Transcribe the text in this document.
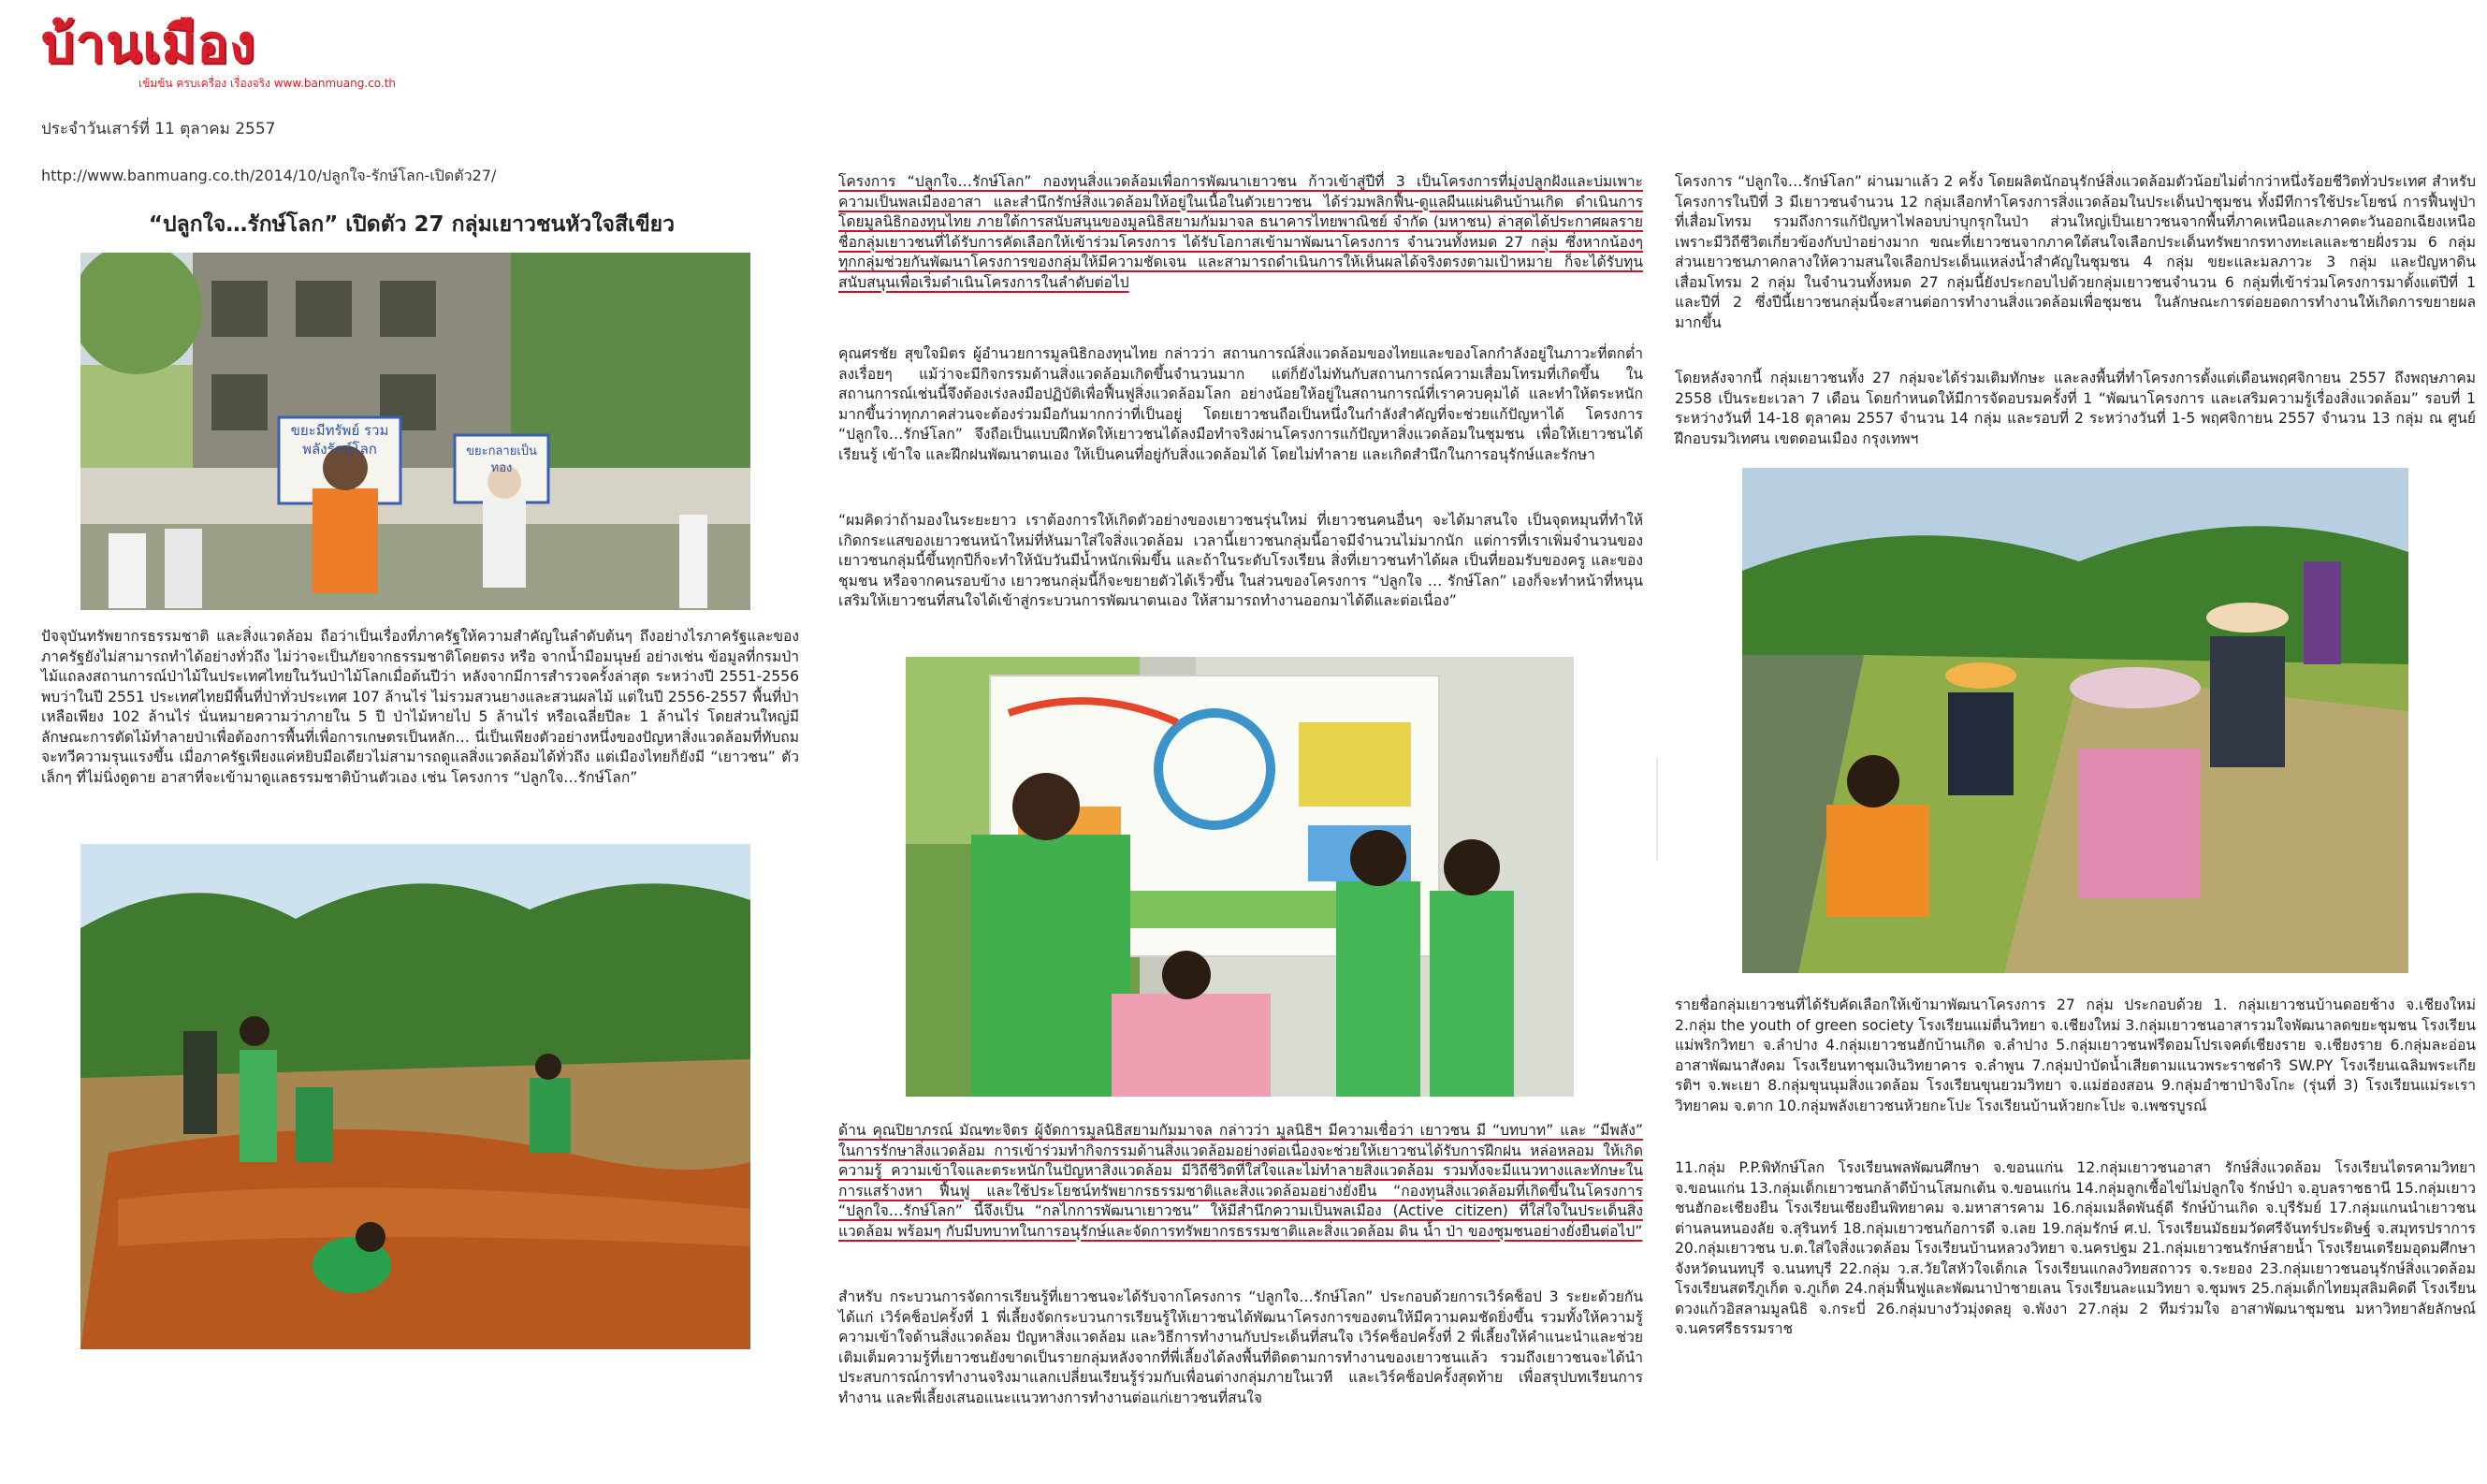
บ้านเมือง
เข้มข้น ครบเครื่อง เรื่องจริง www.banmuang.co.th
ประจำวันเสาร์ที่ 11 ตุลาคม 2557
http://www.banmuang.co.th/2014/10/ปลูกใจ-รักษ์โลก-เปิดตัว27/
“ปลูกใจ…รักษ์โลก” เปิดตัว 27 กลุ่มเยาวชนหัวใจสีเขียว
ขยะมีทรัพย์ รวมพลังรักษ์โลก	ขยะกลายเป็นทอง

ปัจจุบันทรัพยากรธรรมชาติ และสิ่งแวดล้อม ถือว่าเป็นเรื่องที่ภาครัฐให้ความสำคัญในลำดับต้นๆ ถึงอย่างไรภาครัฐและของภาครัฐยังไม่สามารถทำได้อย่างทั่วถึง ไม่ว่าจะเป็นภัยจากธรรมชาติโดยตรง หรือ จากน้ำมือมนุษย์ อย่างเช่น ข้อมูลที่กรมป่าไม้แถลงสถานการณ์ป่าไม้ในประเทศไทยในวันป่าไม้โลกเมื่อต้นปีว่า หลังจากมีการสำรวจครั้งล่าสุด ระหว่างปี 2551-2556 พบว่าในปี 2551 ประเทศไทยมีพื้นที่ป่าทั่วประเทศ 107 ล้านไร่ ไม่รวมสวนยางและสวนผลไม้ แต่ในปี 2556-2557 พื้นที่ป่าเหลือเพียง 102 ล้านไร่ นั่นหมายความว่าภายใน 5 ปี ป่าไม้หายไป 5 ล้านไร่ หรือเฉลี่ยปีละ 1 ล้านไร่ โดยส่วนใหญ่มีลักษณะการตัดไม้ทำลายป่าเพื่อต้องการพื้นที่เพื่อการเกษตรเป็นหลัก… นี่เป็นเพียงตัวอย่างหนึ่งของปัญหาสิ่งแวดล้อมที่ทับถมจะทวีความรุนแรงขึ้น เมื่อภาครัฐเพียงแค่หยิบมือเดียวไม่สามารถดูแลสิ่งแวดล้อมได้ทั่วถึง แต่เมืองไทยก็ยังมี “เยาวชน” ตัวเล็กๆ ที่ไม่นิ่งดูดาย อาสาที่จะเข้ามาดูแลธรรมชาติบ้านตัวเอง เช่น โครงการ “ปลูกใจ…รักษ์โลก”

โครงการ “ปลูกใจ…รักษ์โลก” กองทุนสิ่งแวดล้อมเพื่อการพัฒนาเยาวชน ก้าวเข้าสู่ปีที่ 3 เป็นโครงการที่มุ่งปลูกฝังและบ่มเพาะความเป็นพลเมืองอาสา และสำนึกรักษ์สิ่งแวดล้อมให้อยู่ในเนื้อในตัวเยาวชน ได้ร่วมพลิกฟื้น-ดูแลผืนแผ่นดินบ้านเกิด ดำเนินการโดยมูลนิธิกองทุนไทย ภายใต้การสนับสนุนของมูลนิธิสยามกัมมาจล ธนาคารไทยพาณิชย์ จำกัด (มหาชน) ล่าสุดได้ประกาศผลรายชื่อกลุ่มเยาวชนที่ได้รับการคัดเลือกให้เข้าร่วมโครงการ ได้รับโอกาสเข้ามาพัฒนาโครงการ จำนวนทั้งหมด 27 กลุ่ม ซึ่งหากน้องๆ ทุกกลุ่มช่วยกันพัฒนาโครงการของกลุ่มให้มีความชัดเจน และสามารถดำเนินการให้เห็นผลได้จริงตรงตามเป้าหมาย ก็จะได้รับทุนสนับสนุนเพื่อเริ่มดำเนินโครงการในลำดับต่อไป

คุณศรชัย สุขใจมิตร ผู้อำนวยการมูลนิธิกองทุนไทย กล่าวว่า สถานการณ์สิ่งแวดล้อมของไทยและของโลกกำลังอยู่ในภาวะที่ตกต่ำลงเรื่อยๆ แม้ว่าจะมีกิจกรรมด้านสิ่งแวดล้อมเกิดขึ้นจำนวนมาก แต่ก็ยังไม่ทันกับสถานการณ์ความเสื่อมโทรมที่เกิดขึ้น ในสถานการณ์เช่นนี้จึงต้องเร่งลงมือปฏิบัติเพื่อฟื้นฟูสิ่งแวดล้อมโลก อย่างน้อยให้อยู่ในสถานการณ์ที่เราควบคุมได้ และทำให้ตระหนักมากขึ้นว่าทุกภาคส่วนจะต้องร่วมมือกันมากกว่าที่เป็นอยู่ โดยเยาวชนถือเป็นหนึ่งในกำลังสำคัญที่จะช่วยแก้ปัญหาได้ โครงการ “ปลูกใจ…รักษ์โลก” จึงถือเป็นแบบฝึกหัดให้เยาวชนได้ลงมือทำจริงผ่านโครงการแก้ปัญหาสิ่งแวดล้อมในชุมชน เพื่อให้เยาวชนได้เรียนรู้ เข้าใจ และฝึกฝนพัฒนาตนเอง ให้เป็นคนที่อยู่กับสิ่งแวดล้อมได้ โดยไม่ทำลาย และเกิดสำนึกในการอนุรักษ์และรักษา

“ผมคิดว่าถ้ามองในระยะยาว เราต้องการให้เกิดตัวอย่างของเยาวชนรุ่นใหม่ ที่เยาวชนคนอื่นๆ จะได้มาสนใจ เป็นจุดหมุนที่ทำให้เกิดกระแสของเยาวชนหน้าใหม่ที่หันมาใส่ใจสิ่งแวดล้อม เวลานี้เยาวชนกลุ่มนี้อาจมีจำนวนไม่มากนัก แต่การที่เราเพิ่มจำนวนของเยาวชนกลุ่มนี้ขึ้นทุกปีก็จะทำให้นับวันมีน้ำหนักเพิ่มขึ้น และถ้าในระดับโรงเรียน สิ่งที่เยาวชนทำได้ผล เป็นที่ยอมรับของครู และของชุมชน หรือจากคนรอบข้าง เยาวชนกลุ่มนี้ก็จะขยายตัวได้เร็วขึ้น ในส่วนของโครงการ “ปลูกใจ … รักษ์โลก” เองก็จะทำหน้าที่หนุนเสริมให้เยาวชนที่สนใจได้เข้าสู่กระบวนการพัฒนาตนเอง ให้สามารถทำงานออกมาได้ดีและต่อเนื่อง”

ด้าน คุณปิยาภรณ์ มัณฑะจิตร ผู้จัดการมูลนิธิสยามกัมมาจล กล่าวว่า มูลนิธิฯ มีความเชื่อว่า เยาวชน มี “บทบาท” และ “มีพลัง” ในการรักษาสิ่งแวดล้อม การเข้าร่วมทำกิจกรรมด้านสิ่งแวดล้อมอย่างต่อเนื่องจะช่วยให้เยาวชนได้รับการฝึกฝน หล่อหลอม ให้เกิดความรู้ ความเข้าใจและตระหนักในปัญหาสิ่งแวดล้อม มีวิถีชีวิตที่ใส่ใจและไม่ทำลายสิ่งแวดล้อม รวมทั้งจะมีแนวทางและทักษะในการแสร้างหา ฟื้นฟู และใช้ประโยชน์ทรัพยากรธรรมชาติและสิ่งแวดล้อมอย่างยั่งยืน “กองทุนสิ่งแวดล้อมที่เกิดขึ้นในโครงการ “ปลูกใจ…รักษ์โลก” นี้จึงเป็น “กลไกการพัฒนาเยาวชน” ให้มีสำนึกความเป็นพลเมือง (Active citizen) ที่ใส่ใจในประเด็นสิ่งแวดล้อม พร้อมๆ กับมีบทบาทในการอนุรักษ์และจัดการทรัพยากรธรรมชาติและสิ่งแวดล้อม ดิน น้ำ ป่า ของชุมชนอย่างยั่งยืนต่อไป”

สำหรับ กระบวนการจัดการเรียนรู้ที่เยาวชนจะได้รับจากโครงการ “ปลูกใจ…รักษ์โลก” ประกอบด้วยการเวิร์คช็อป 3 ระยะด้วยกัน ได้แก่ เวิร์คช็อปครั้งที่ 1 พี่เลี้ยงจัดกระบวนการเรียนรู้ให้เยาวชนได้พัฒนาโครงการของตนให้มีความคมชัดยิ่งขึ้น รวมทั้งให้ความรู้ความเข้าใจด้านสิ่งแวดล้อม ปัญหาสิ่งแวดล้อม และวิธีการทำงานกับประเด็นที่สนใจ เวิร์คช็อปครั้งที่ 2 พี่เลี้ยงให้คำแนะนำและช่วยเติมเต็มความรู้ที่เยาวชนยังขาดเป็นรายกลุ่มหลังจากที่พี่เลี้ยงได้ลงพื้นที่ติดตามการทำงานของเยาวชนแล้ว รวมถึงเยาวชนจะได้นำประสบการณ์การทำงานจริงมาแลกเปลี่ยนเรียนรู้ร่วมกับเพื่อนต่างกลุ่มภายในเวที และเวิร์คช็อปครั้งสุดท้าย เพื่อสรุปบทเรียนการทำงาน และพี่เลี้ยงเสนอแนะแนวทางการทำงานต่อแก่เยาวชนที่สนใจ

โครงการ “ปลูกใจ…รักษ์โลก” ผ่านมาแล้ว 2 ครั้ง โดยผลิตนักอนุรักษ์สิ่งแวดล้อมตัวน้อยไม่ต่ำกว่าหนึ่งร้อยชีวิตทั่วประเทศ สำหรับโครงการในปีที่ 3 มีเยาวชนจำนวน 12 กลุ่มเลือกทำโครงการสิ่งแวดล้อมในประเด็นป่าชุมชน ทั้งมีทีการใช้ประโยชน์ การฟื้นฟูป่าที่เสื่อมโทรม รวมถึงการแก้ปัญหาไฟลอบบ่าบุกรุกในป่า ส่วนใหญ่เป็นเยาวชนจากพื้นที่ภาคเหนือและภาคตะวันออกเฉียงเหนือ เพราะมีวิถีชีวิตเกี่ยวข้องกับป่าอย่างมาก ขณะที่เยาวชนจากภาคใต้สนใจเลือกประเด็นทรัพยากรทางทะเลและชายฝั่งรวม 6 กลุ่ม ส่วนเยาวชนภาคกลางให้ความสนใจเลือกประเด็นแหล่งน้ำสำคัญในชุมชน 4 กลุ่ม ขยะและมลภาวะ 3 กลุ่ม และปัญหาดินเสื่อมโทรม 2 กลุ่ม ในจำนวนทั้งหมด 27 กลุ่มนี้ยังประกอบไปด้วยกลุ่มเยาวชนจำนวน 6 กลุ่มที่เข้าร่วมโครงการมาตั้งแต่ปีที่ 1 และปีที่ 2 ซึ่งปีนี้เยาวชนกลุ่มนี้จะสานต่อการทำงานสิ่งแวดล้อมเพื่อชุมชน ในลักษณะการต่อยอดการทำงานให้เกิดการขยายผลมากขึ้น

โดยหลังจากนี้ กลุ่มเยาวชนทั้ง 27 กลุ่มจะได้ร่วมเติมทักษะ และลงพื้นที่ทำโครงการตั้งแต่เดือนพฤศจิกายน 2557 ถึงพฤษภาคม 2558 เป็นระยะเวลา 7 เดือน โดยกำหนดให้มีการจัดอบรมครั้งที่ 1 “พัฒนาโครงการ และเสริมความรู้เรื่องสิ่งแวดล้อม” รอบที่ 1 ระหว่างวันที่ 14-18 ตุลาคม 2557 จำนวน 14 กลุ่ม และรอบที่ 2 ระหว่างวันที่ 1-5 พฤศจิกายน 2557 จำนวน 13 กลุ่ม ณ ศูนย์ฝึกอบรมวิเทศน เขตดอนเมือง กรุงเทพฯ

รายชื่อกลุ่มเยาวชนที่ได้รับคัดเลือกให้เข้ามาพัฒนาโครงการ 27 กลุ่ม ประกอบด้วย 1. กลุ่มเยาวชนบ้านดอยช้าง จ.เชียงใหม่ 2.กลุ่ม the youth of green society โรงเรียนแม่ตื่นวิทยา จ.เชียงใหม่ 3.กลุ่มเยาวชนอาสารวมใจพัฒนาลดขยะชุมชน โรงเรียนแม่พริกวิทยา จ.ลำปาง 4.กลุ่มเยาวชนฮักบ้านเกิด จ.ลำปาง 5.กลุ่มเยาวชนฟรีดอมโปรเจคต์เชียงราย จ.เชียงราย 6.กลุ่มละอ่อนอาสาพัฒนาสังคม โรงเรียนทาชุมเงินวิทยาคาร จ.ลำพูน 7.กลุ่มป่าบัดน้ำเสียตามแนวพระราชดำริ SW.PY โรงเรียนเฉลิมพระเกียรติฯ จ.พะเยา 8.กลุ่มขุนนุมสิ่งแวดล้อม โรงเรียนขุนยวมวิทยา จ.แม่ฮ่องสอน 9.กลุ่มอำซาป่าจิงโกะ (รุ่นที่ 3) โรงเรียนแม่ระเราวิทยาคม จ.ตาก 10.กลุ่มพลังเยาวชนห้วยกะโปะ โรงเรียนบ้านห้วยกะโปะ จ.เพชรบูรณ์

11.กลุ่ม P.P.พิทักษ์โลก โรงเรียนพลพัฒนศึกษา จ.ขอนแก่น 12.กลุ่มเยาวชนอาสา รักษ์สิ่งแวดล้อม โรงเรียนไตรคามวิทยา จ.ขอนแก่น 13.กลุ่มเด็กเยาวชนกล้าดีบ้านโสมกเต้น จ.ขอนแก่น 14.กลุ่มลูกเชื้อไข่ไม่ปลูกใจ รักษ์ป่า จ.อุบลราชธานี 15.กลุ่มเยาวชนฮักอะเชียงยืน โรงเรียนเชียงยืนพิทยาคม จ.มหาสารคาม 16.กลุ่มเมล็ดพันธุ์ดี รักษ์บ้านเกิด จ.บุรีรัมย์ 17.กลุ่มแกนนำเยาวชนต่านลนหนองลัย จ.สุรินทร์ 18.กลุ่มเยาวชนก้อการดี จ.เลย 19.กลุ่มรักษ์ ศ.ป. โรงเรียนมัธยมวัดศรีจันทร์ประดิษฐ์ จ.สมุทรปราการ 20.กลุ่มเยาวชน บ.ต.ใส่ใจสิ่งแวดล้อม โรงเรียนบ้านหลวงวิทยา จ.นครปฐม 21.กลุ่มเยาวชนรักษ์สายน้ำ โรงเรียนเตรียมอุดมศึกษาจังหวัดนนทบุรี จ.นนทบุรี 22.กลุ่ม ว.ส.วัยใสหัวใจเด็กเล โรงเรียนแกลงวิทยสถาวร จ.ระยอง 23.กลุ่มเยาวชนอนุรักษ์สิ่งแวดล้อม โรงเรียนสตรีภูเก็ต จ.ภูเก็ต 24.กลุ่มฟื้นฟูและพัฒนาป่าชายเลน โรงเรียนละแมวิทยา จ.ชุมพร 25.กลุ่มเด็กไทยมุสลิมคิดดี โรงเรียนดวงแก้วอิสลามมูลนิธิ จ.กระบี่ 26.กลุ่มบางวัวมุ่งดลยุ จ.พังงา 27.กลุ่ม 2 ทีมร่วมใจ อาสาพัฒนาชุมชน มหาวิทยาลัยลักษณ์ จ.นครศรีธรรมราช
